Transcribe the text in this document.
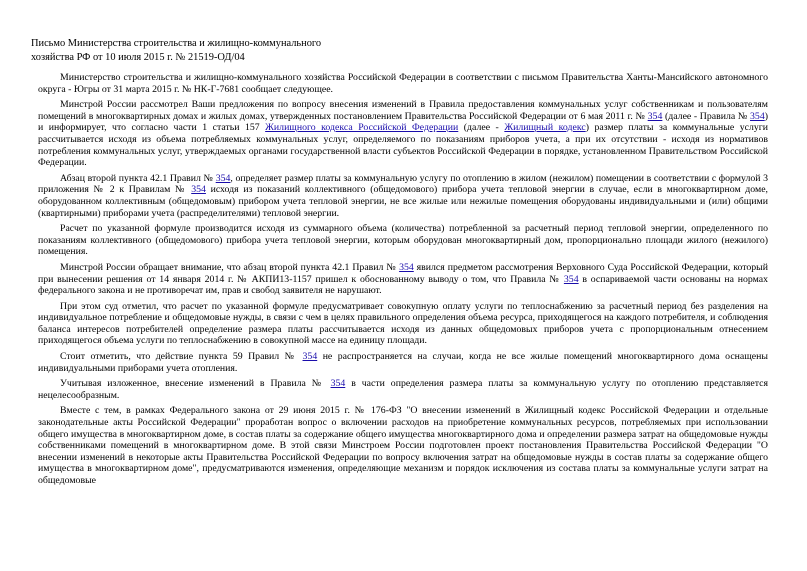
Письмо Министерства строительства и жилищно-коммунального
хозяйства РФ от 10 июля 2015 г. № 21519-ОД/04

Министерство строительства и жилищно-коммунального хозяйства Российской Федерации в соответствии с письмом Правительства Ханты-Мансийского автономного округа - Югры от 31 марта 2015 г. № НК-Г-7681 сообщает следующее.

Минстрой России рассмотрел Ваши предложения по вопросу внесения изменений в Правила предоставления коммунальных услуг собственникам и пользователям помещений в многоквартирных домах и жилых домах, утвержденных постановлением Правительства Российской Федерации от 6 мая 2011 г. № 354 (далее - Правила № 354) и информирует, что согласно части 1 статьи 157 Жилищного кодекса Российской Федерации (далее - Жилищный кодекс) размер платы за коммунальные услуги рассчитывается исходя из объема потребляемых коммунальных услуг, определяемого по показаниям приборов учета, а при их отсутствии - исходя из нормативов потребления коммунальных услуг, утверждаемых органами государственной власти субъектов Российской Федерации в порядке, установленном Правительством Российской Федерации.

Абзац второй пункта 42.1 Правил № 354, определяет размер платы за коммунальную услугу по отоплению в жилом (нежилом) помещении в соответствии с формулой 3 приложения № 2 к Правилам № 354 исходя из показаний коллективного (общедомового) прибора учета тепловой энергии в случае, если в многоквартирном доме, оборудованном коллективным (общедомовым) прибором учета тепловой энергии, не все жилые или нежилые помещения оборудованы индивидуальными и (или) общими (квартирными) приборами учета (распределителями) тепловой энергии.

Расчет по указанной формуле производится исходя из суммарного объема (количества) потребленной за расчетный период тепловой энергии, определенного по показаниям коллективного (общедомового) прибора учета тепловой энергии, которым оборудован многоквартирный дом, пропорционально площади жилого (нежилого) помещения.

Минстрой России обращает внимание, что абзац второй пункта 42.1 Правил № 354 явился предметом рассмотрения Верховного Суда Российской Федерации, который при вынесении решения от 14 января 2014 г. № АКПИ13-1157 пришел к обоснованному выводу о том, что Правила № 354 в оспариваемой части основаны на нормах федерального закона и не противоречат им, прав и свобод заявителя не нарушают.

При этом суд отметил, что расчет по указанной формуле предусматривает совокупную оплату услуги по теплоснабжению за расчетный период без разделения на индивидуальное потребление и общедомовые нужды, в связи с чем в целях правильного определения объема ресурса, приходящегося на каждого потребителя, и соблюдения баланса интересов потребителей определение размера платы рассчитывается исходя из данных общедомовых приборов учета с пропорциональным отнесением приходящегося объема услуги по теплоснабжению в совокупной массе на единицу площади.

Стоит отметить, что действие пункта 59 Правил № 354 не распространяется на случаи, когда не все жилые помещений многоквартирного дома оснащены индивидуальными приборами учета отопления.

Учитывая изложенное, внесение изменений в Правила № 354 в части определения размера платы за коммунальную услугу по отоплению представляется нецелесообразным.

Вместе с тем, в рамках Федерального закона от 29 июня 2015 г. № 176-ФЗ "О внесении изменений в Жилищный кодекс Российской Федерации и отдельные законодательные акты Российской Федерации" проработан вопрос о включении расходов на приобретение коммунальных ресурсов, потребляемых при использовании общего имущества в многоквартирном доме, в состав платы за содержание общего имущества многоквартирного дома и определении размера затрат на общедомовые нужды собственниками помещений в многоквартирном доме. В этой связи Минстроем России подготовлен проект постановления Правительства Российской Федерации "О внесении изменений в некоторые акты Правительства Российской Федерации по вопросу включения затрат на общедомовые нужды в состав платы за содержание общего имущества в многоквартирном доме", предусматриваются изменения, определяющие механизм и порядок исключения из состава платы за коммунальные услуги затрат на общедомовые
